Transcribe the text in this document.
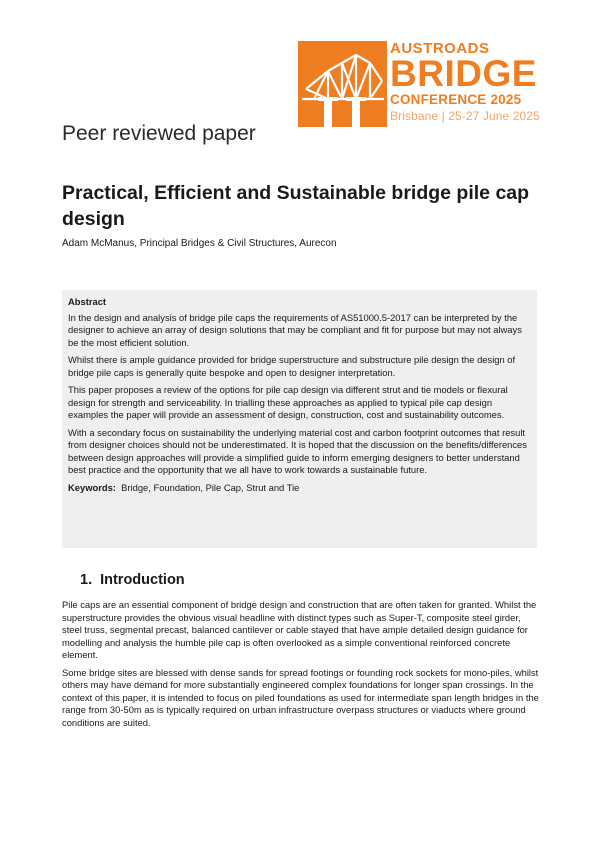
AUSTROADS
BRIDGE
CONFERENCE 2025
Brisbane | 25-27 June 2025
Peer reviewed paper
Practical, Efficient and Sustainable bridge pile cap design
Adam McManus, Principal Bridges & Civil Structures, Aurecon
Abstract

In the design and analysis of bridge pile caps the requirements of AS51000.5-2017 can be interpreted by the designer to achieve an array of design solutions that may be compliant and fit for purpose but may not always be the most efficient solution.

Whilst there is ample guidance provided for bridge superstructure and substructure pile design the design of bridge pile caps is generally quite bespoke and open to designer interpretation.

This paper proposes a review of the options for pile cap design via different strut and tie models or flexural design for strength and serviceability. In trialling these approaches as applied to typical pile cap design examples the paper will provide an assessment of design, construction, cost and sustainability outcomes.

With a secondary focus on sustainability the underlying material cost and carbon footprint outcomes that result from designer choices should not be underestimated. It is hoped that the discussion on the benefits/differences between design approaches will provide a simplified guide to inform emerging designers to better understand best practice and the opportunity that we all have to work towards a sustainable future.

Keywords: Bridge, Foundation, Pile Cap, Strut and Tie
1. Introduction

Pile caps are an essential component of bridge design and construction that are often taken for granted. Whilst the superstructure provides the obvious visual headline with distinct types such as Super-T, composite steel girder, steel truss, segmental precast, balanced cantilever or cable stayed that have ample detailed design guidance for modelling and analysis the humble pile cap is often overlooked as a simple conventional reinforced concrete element.

Some bridge sites are blessed with dense sands for spread footings or founding rock sockets for mono-piles, whilst others may have demand for more substantially engineered complex foundations for longer span crossings. In the context of this paper, it is intended to focus on piled foundations as used for intermediate span length bridges in the range from 30-50m as is typically required on urban infrastructure overpass structures or viaducts where ground conditions are suited.
